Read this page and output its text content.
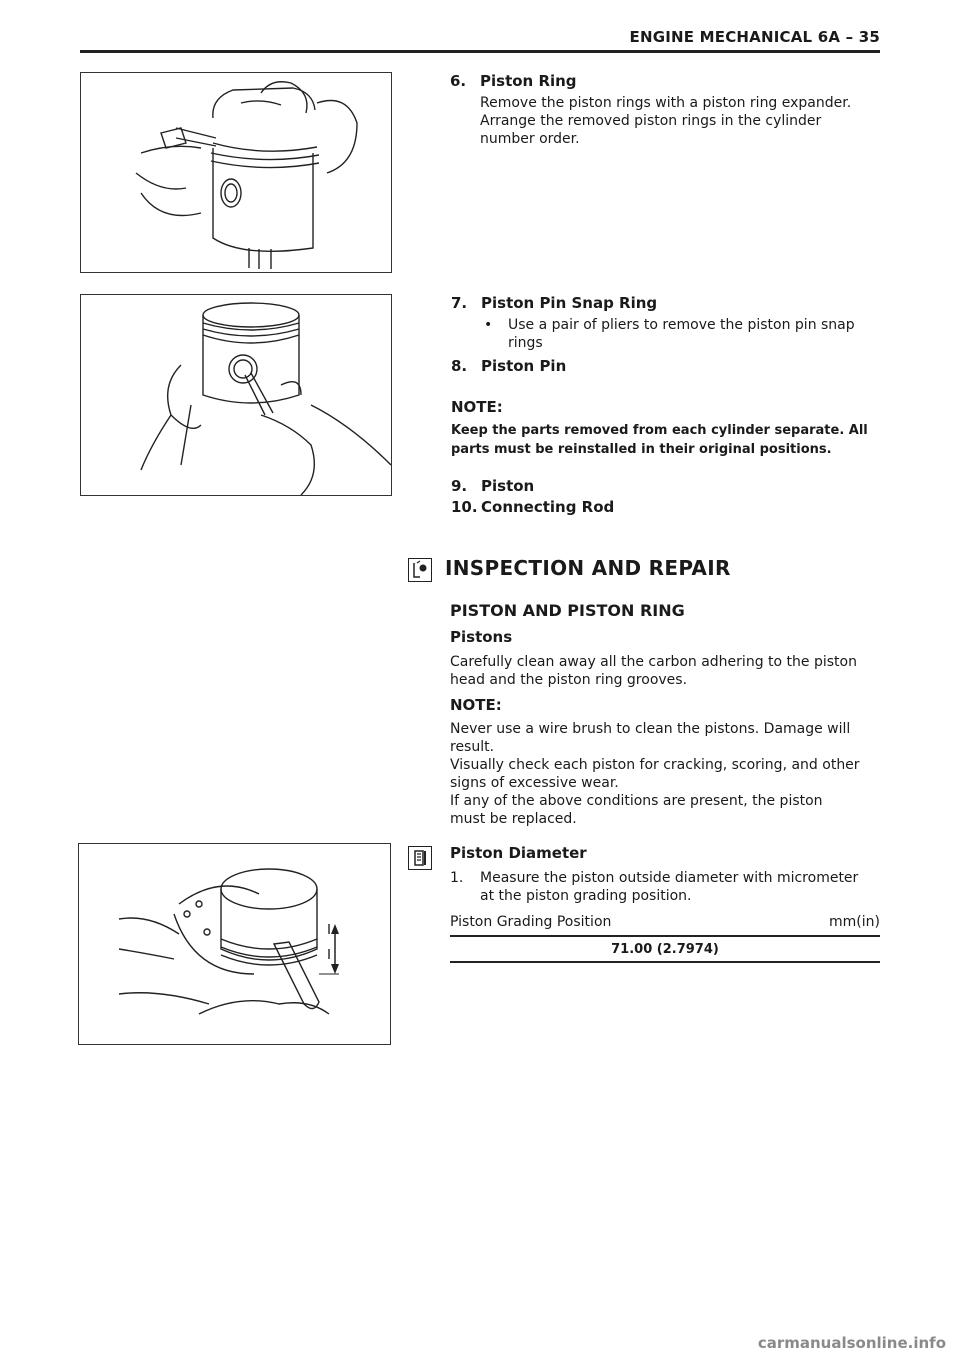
ENGINE MECHANICAL 6A – 35
6. Piston Ring
Remove the piston rings with a piston ring expander.
Arrange the removed piston rings in the cylinder
number order.
7. Piston Pin Snap Ring
• Use a pair of pliers to remove the piston pin snap
rings
8. Piston Pin
NOTE:
Keep the parts removed from each cylinder separate. All
parts must be reinstalled in their original positions.
9. Piston
10. Connecting Rod
INSPECTION AND REPAIR
PISTON AND PISTON RING
Pistons
Carefully clean away all the carbon adhering to the piston
head and the piston ring grooves.
NOTE:
Never use a wire brush to clean the pistons. Damage will
result.
Visually check each piston for cracking, scoring, and other
signs of excessive wear.
If any of the above conditions are present, the piston
must be replaced.
Piston Diameter
1. Measure the piston outside diameter with micrometer
at the piston grading position.
Piston Grading Position	mm(in)
71.00 (2.7974)
carmanualsonline.info
